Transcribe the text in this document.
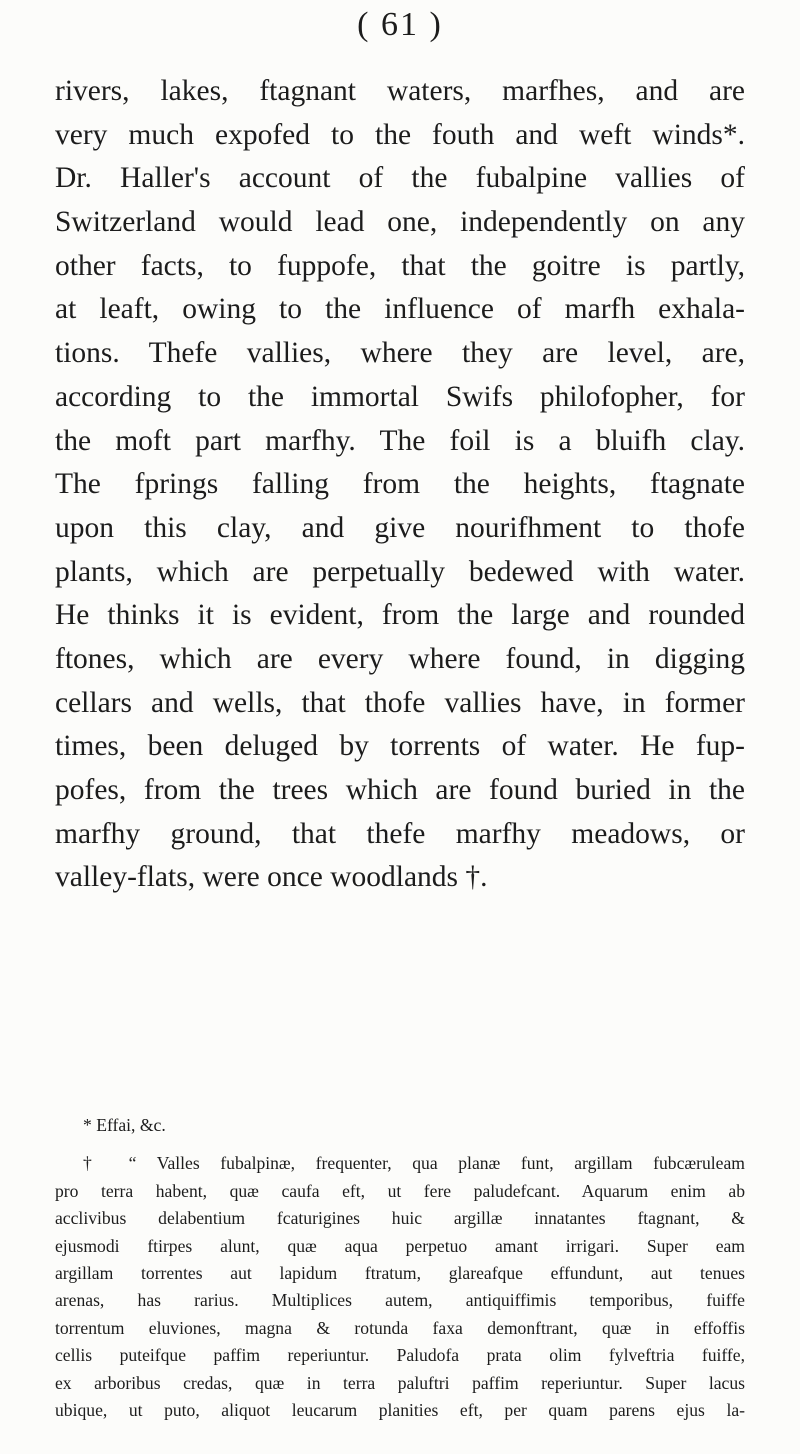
( 61 )
rivers, lakes, ftagnant waters, marfhes, and are
very much expofed to the fouth and weft winds*.
Dr. Haller's account of the fubalpine vallies of
Switzerland would lead one, independently on any
other facts, to fuppofe, that the goitre is partly,
at leaft, owing to the influence of marfh exhala-
tions. Thefe vallies, where they are level, are,
according to the immortal Swifs philofopher, for
the moft part marfhy. The foil is a bluifh clay.
The fprings falling from the heights, ftagnate
upon this clay, and give nourifhment to thofe
plants, which are perpetually bedewed with water.
He thinks it is evident, from the large and rounded
ftones, which are every where found, in digging
cellars and wells, that thofe vallies have, in former
times, been deluged by torrents of water. He fup-
pofes, from the trees which are found buried in the
marfhy ground, that thefe marfhy meadows, or
valley-flats, were once woodlands †.
* Effai, &c.
† “ Valles fubalpinæ, frequenter, qua planæ funt, argillam fubcæruleam
pro terra habent, quæ caufa eft, ut fere paludefcant. Aquarum enim ab
acclivibus delabentium fcaturigines huic argillæ innatantes ftagnant, &
ejusmodi ftirpes alunt, quæ aqua perpetuo amant irrigari. Super eam
argillam torrentes aut lapidum ftratum, glareafque effundunt, aut tenues
arenas, has rarius. Multiplices autem, antiquiffimis temporibus, fuiffe
torrentum eluviones, magna & rotunda faxa demonftrant, quæ in effoffis
cellis puteifque paffim reperiuntur. Paludofa prata olim fylveftria fuiffe,
ex arboribus credas, quæ in terra paluftri paffim reperiuntur. Super lacus
ubique, ut puto, aliquot leucarum planities eft, per quam parens ejus la-
